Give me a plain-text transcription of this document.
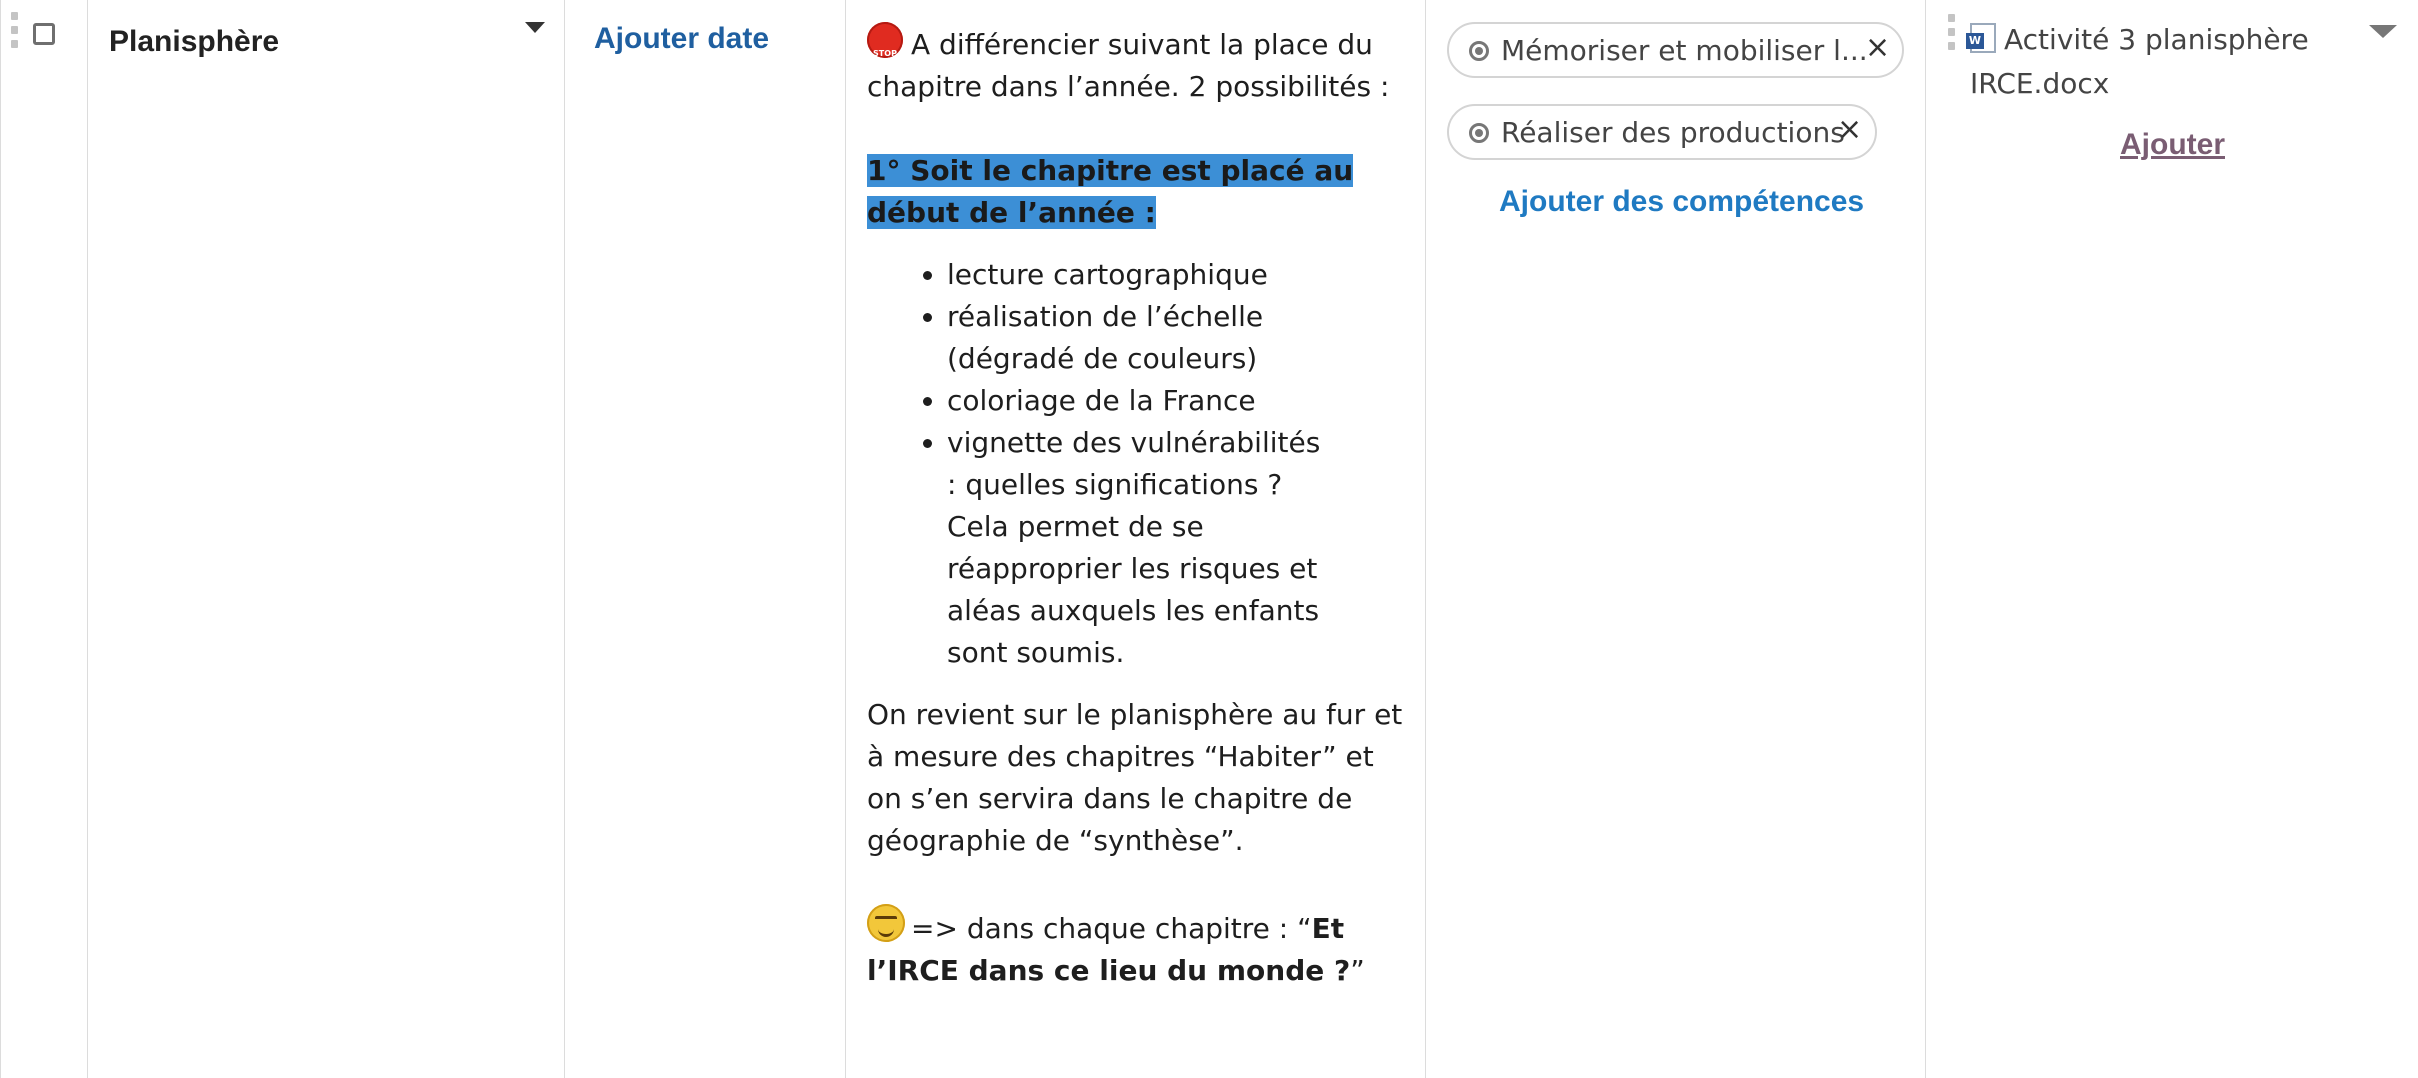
Planisphère	Ajouter date

STOP	A différencier suivant la place du chapitre dans l’année. 2 possibilités :

1° Soit le chapitre est placé au début de l’année :

• lecture cartographique
• réalisation de l’échelle (dégradé de couleurs)
• coloriage de la France
• vignette des vulnérabilités : quelles significations ? Cela permet de se réapproprier les risques et aléas auxquels les enfants sont soumis.

On revient sur le planisphère au fur et à mesure des chapitres “Habiter” et on s’en servira dans le chapitre de géographie de “synthèse”.

=> dans chaque chapitre : “Et l’IRCE dans ce lieu du monde ?”

Mémoriser et mobiliser l...
×
Réaliser des productions
×
Ajouter des compétences
WActivité 3 planisphère IRCE.docx
Ajouter
